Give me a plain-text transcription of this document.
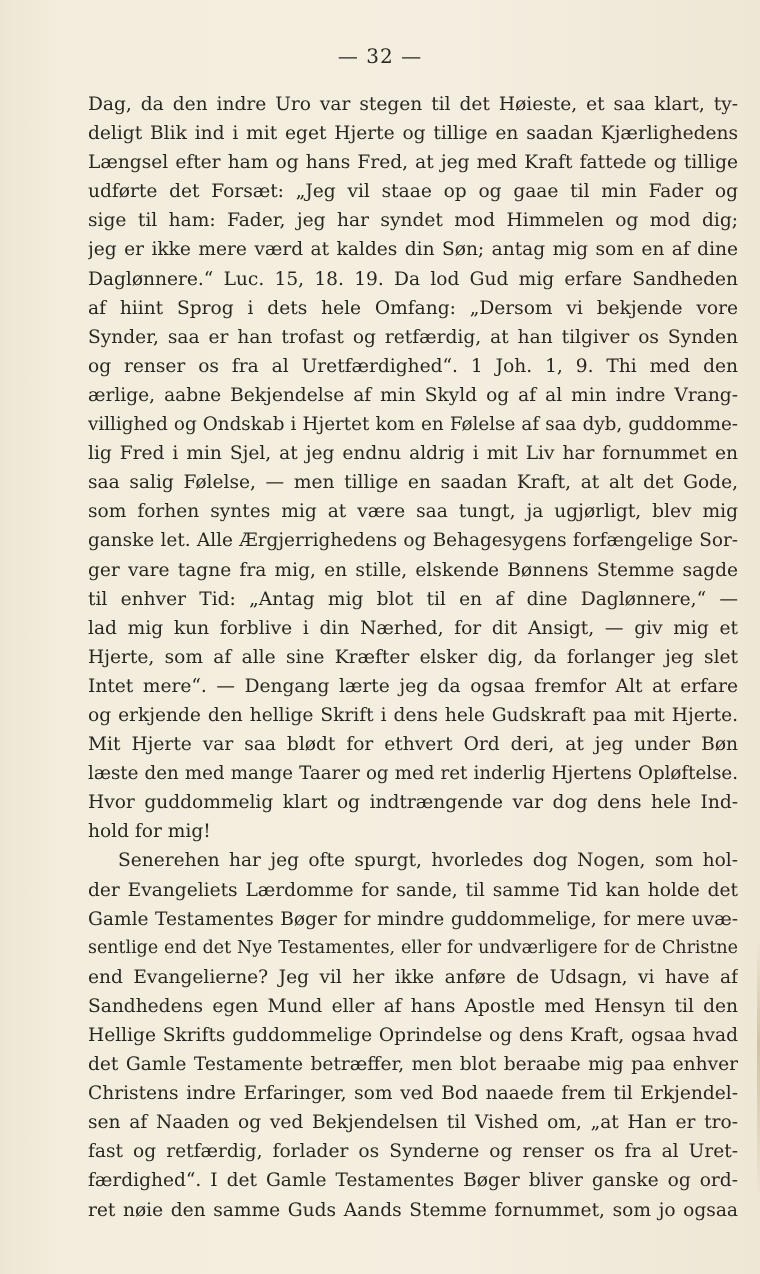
— 32 —
Dag, da den indre Uro var stegen til det Høieste, et saa klart, ty-
deligt Blik ind i mit eget Hjerte og tillige en saadan Kjærlighedens
Længsel efter ham og hans Fred, at jeg med Kraft fattede og tillige
udførte det Forsæt: „Jeg vil staae op og gaae til min Fader og
sige til ham: Fader, jeg har syndet mod Himmelen og mod dig;
jeg er ikke mere værd at kaldes din Søn; antag mig som en af dine
Daglønnere.“ Luc. 15, 18. 19. Da lod Gud mig erfare Sandheden
af hiint Sprog i dets hele Omfang: „Dersom vi bekjende vore
Synder, saa er han trofast og retfærdig, at han tilgiver os Synden
og renser os fra al Uretfærdighed“. 1 Joh. 1, 9. Thi med den
ærlige, aabne Bekjendelse af min Skyld og af al min indre Vrang-
villighed og Ondskab i Hjertet kom en Følelse af saa dyb, guddomme-
lig Fred i min Sjel, at jeg endnu aldrig i mit Liv har fornummet en
saa salig Følelse, — men tillige en saadan Kraft, at alt det Gode,
som forhen syntes mig at være saa tungt, ja ugjørligt, blev mig
ganske let. Alle Ærgjerrighedens og Behagesygens forfængelige Sor-
ger vare tagne fra mig, en stille, elskende Bønnens Stemme sagde
til enhver Tid: „Antag mig blot til en af dine Daglønnere,“ —
lad mig kun forblive i din Nærhed, for dit Ansigt, — giv mig et
Hjerte, som af alle sine Kræfter elsker dig, da forlanger jeg slet
Intet mere“. — Dengang lærte jeg da ogsaa fremfor Alt at erfare
og erkjende den hellige Skrift i dens hele Gudskraft paa mit Hjerte.
Mit Hjerte var saa blødt for ethvert Ord deri, at jeg under Bøn
læste den med mange Taarer og med ret inderlig Hjertens Opløftelse.
Hvor guddommelig klart og indtrængende var dog dens hele Ind-
hold for mig!
Senerehen har jeg ofte spurgt, hvorledes dog Nogen, som hol-
der Evangeliets Lærdomme for sande, til samme Tid kan holde det
Gamle Testamentes Bøger for mindre guddommelige, for mere uvæ-
sentlige end det Nye Testamentes, eller for undværligere for de Christne
end Evangelierne? Jeg vil her ikke anføre de Udsagn, vi have af
Sandhedens egen Mund eller af hans Apostle med Hensyn til den
Hellige Skrifts guddommelige Oprindelse og dens Kraft, ogsaa hvad
det Gamle Testamente betræffer, men blot beraabe mig paa enhver
Christens indre Erfaringer, som ved Bod naaede frem til Erkjendel-
sen af Naaden og ved Bekjendelsen til Vished om, „at Han er tro-
fast og retfærdig, forlader os Synderne og renser os fra al Uret-
færdighed“. I det Gamle Testamentes Bøger bliver ganske og ord-
ret nøie den samme Guds Aands Stemme fornummet, som jo ogsaa
